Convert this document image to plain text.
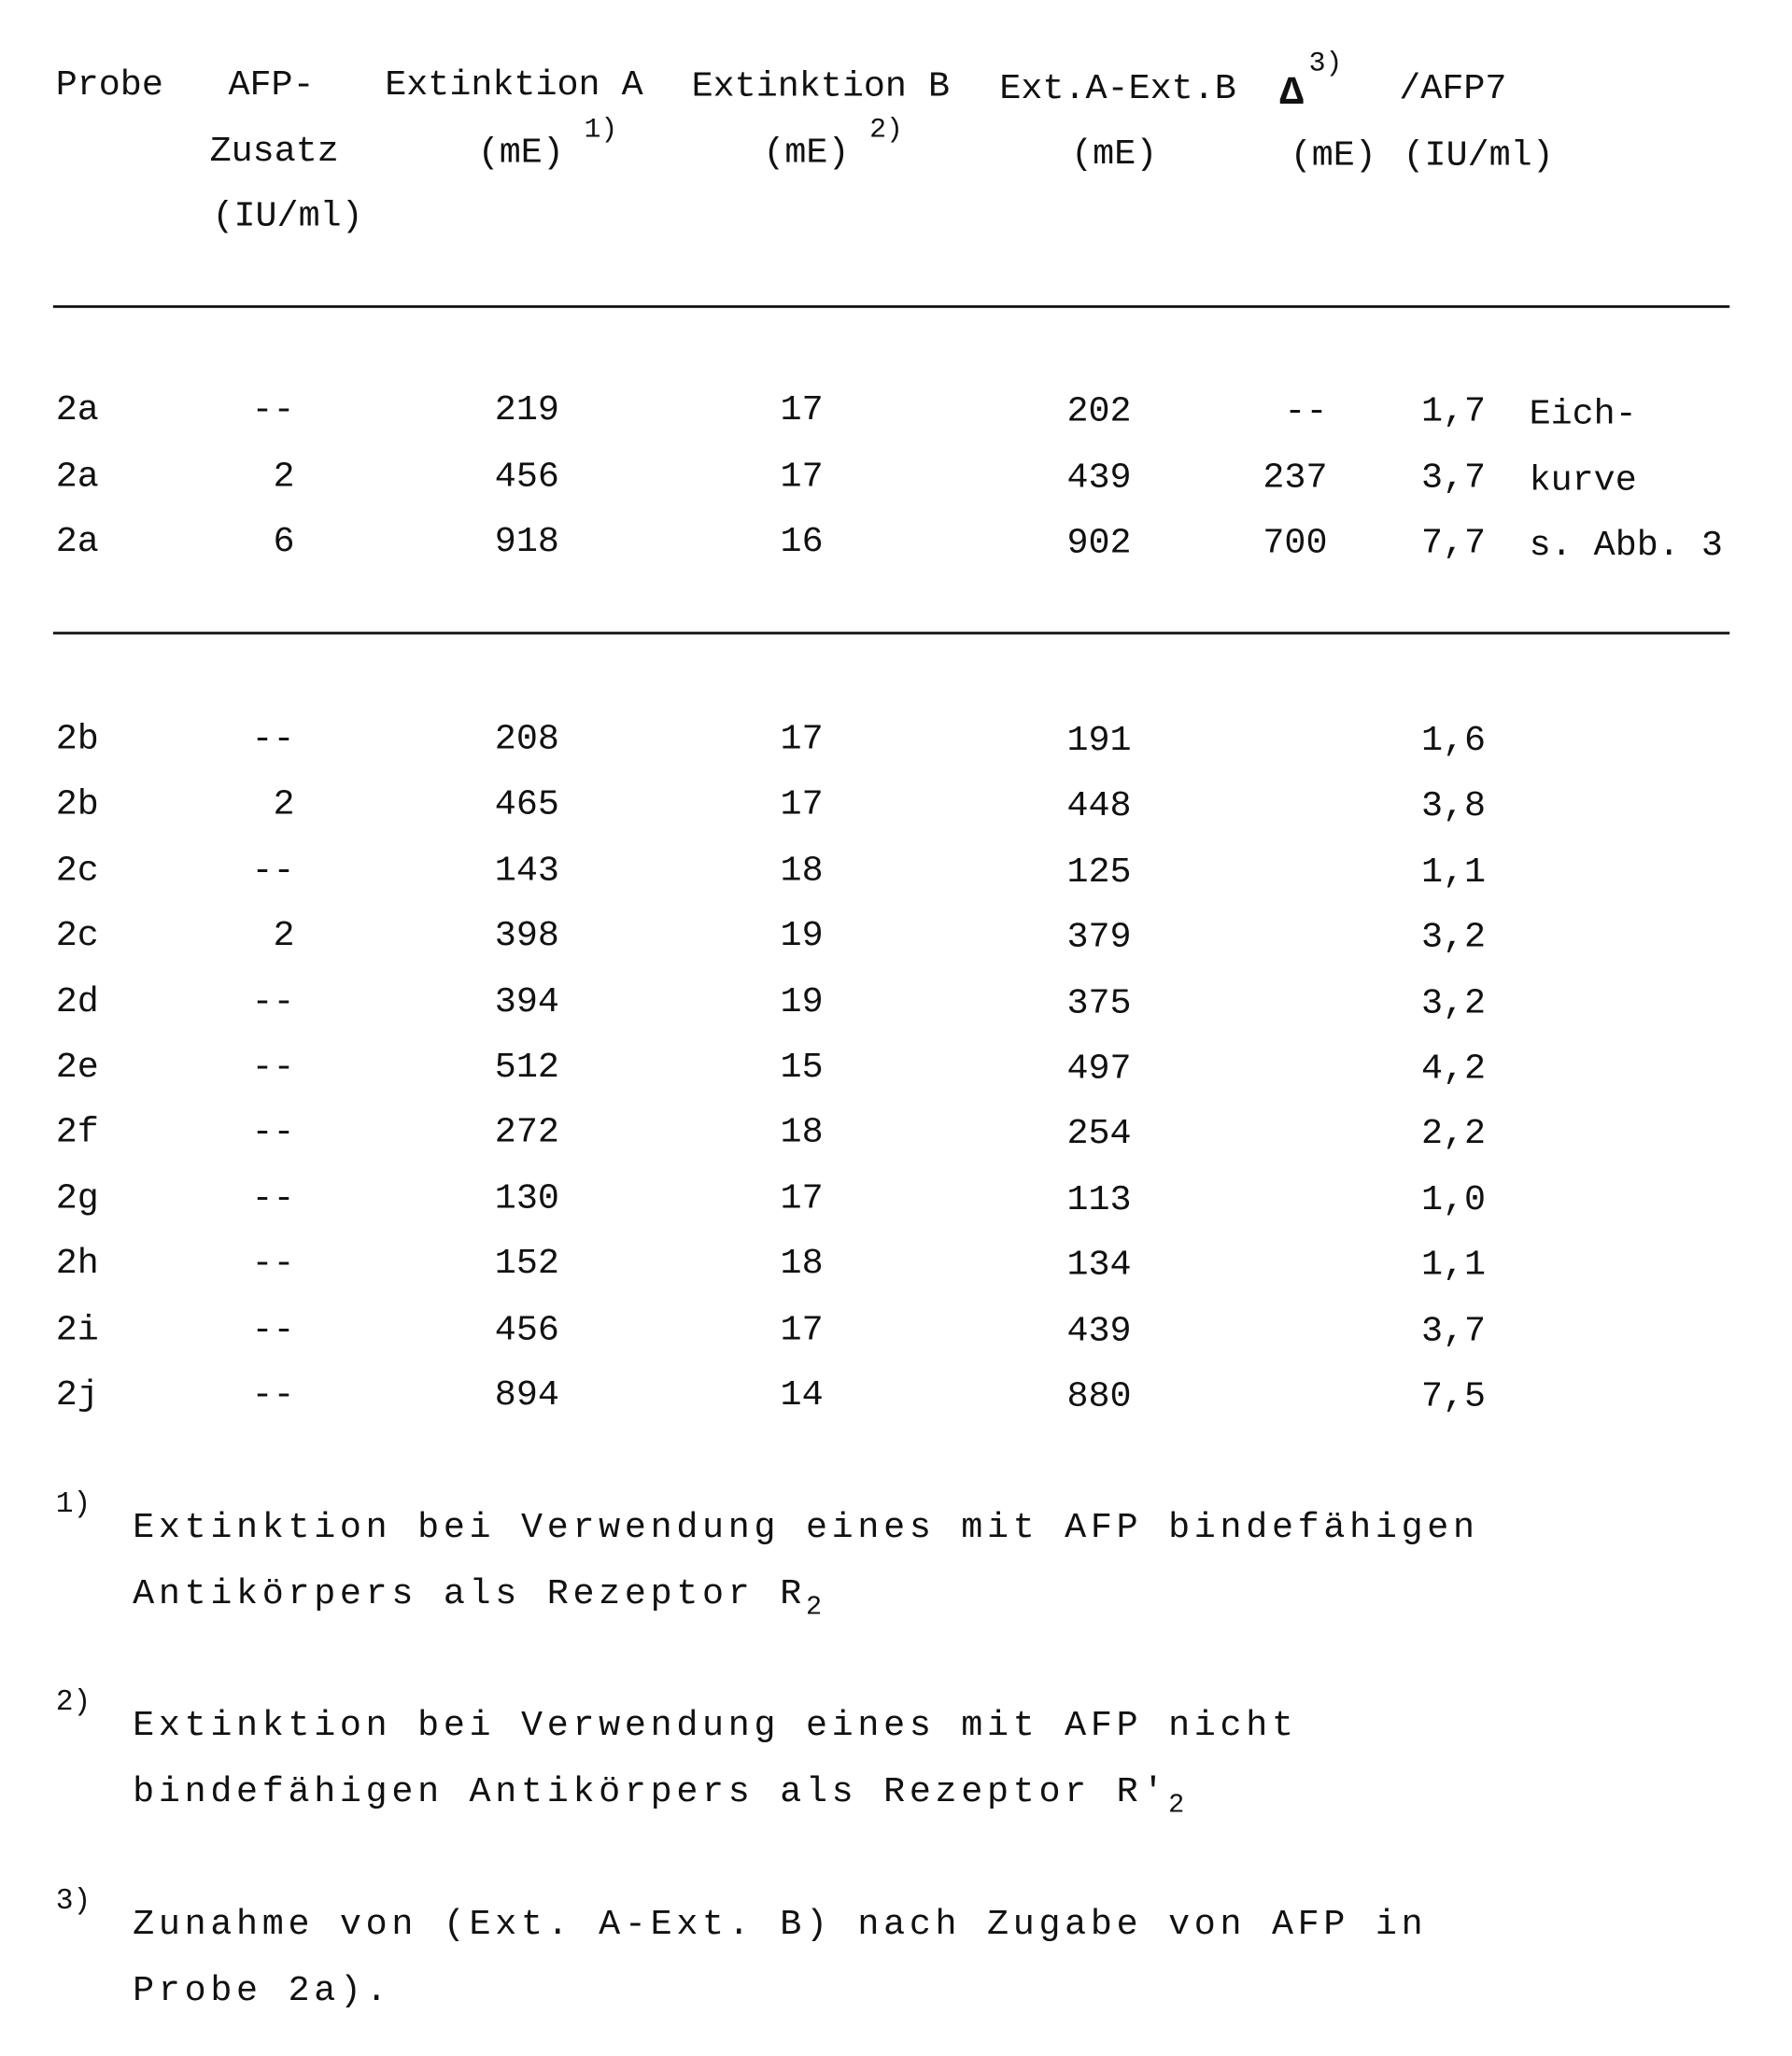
Probe	AFP-
Zusatz
(IU/ml)
Extinktion A
(mE)
1)
Extinktion B
(mE)
2)
Ext.A-Ext.B
(mE)
Δ
3)
(mE)
/AFP7
(IU/ml)
2a	--	219	17	202	--	1,7
2a	2	456	17	439	237	3,7
2a	6	918	16	902	700	7,7
2b	--	208	17	191	1,6
2b	2	465	17	448	3,8
2c	--	143	18	125	1,1
2c	2	398	19	379	3,2
2d	--	394	19	375	3,2
2e	--	512	15	497	4,2
2f	--	272	18	254	2,2
2g	--	130	17	113	1,0
2h	--	152	18	134	1,1
2i	--	456	17	439	3,7
2j	--	894	14	880	7,5
Eich-
kurve
s. Abb. 3
1)
Extinktion bei Verwendung eines mit AFP bindefähigen
Antikörpers als Rezeptor R2
2)
Extinktion bei Verwendung eines mit AFP nicht
bindefähigen Antikörpers als Rezeptor R'2
3)
Zunahme von (Ext. A-Ext. B) nach Zugabe von AFP in
Probe 2a).
